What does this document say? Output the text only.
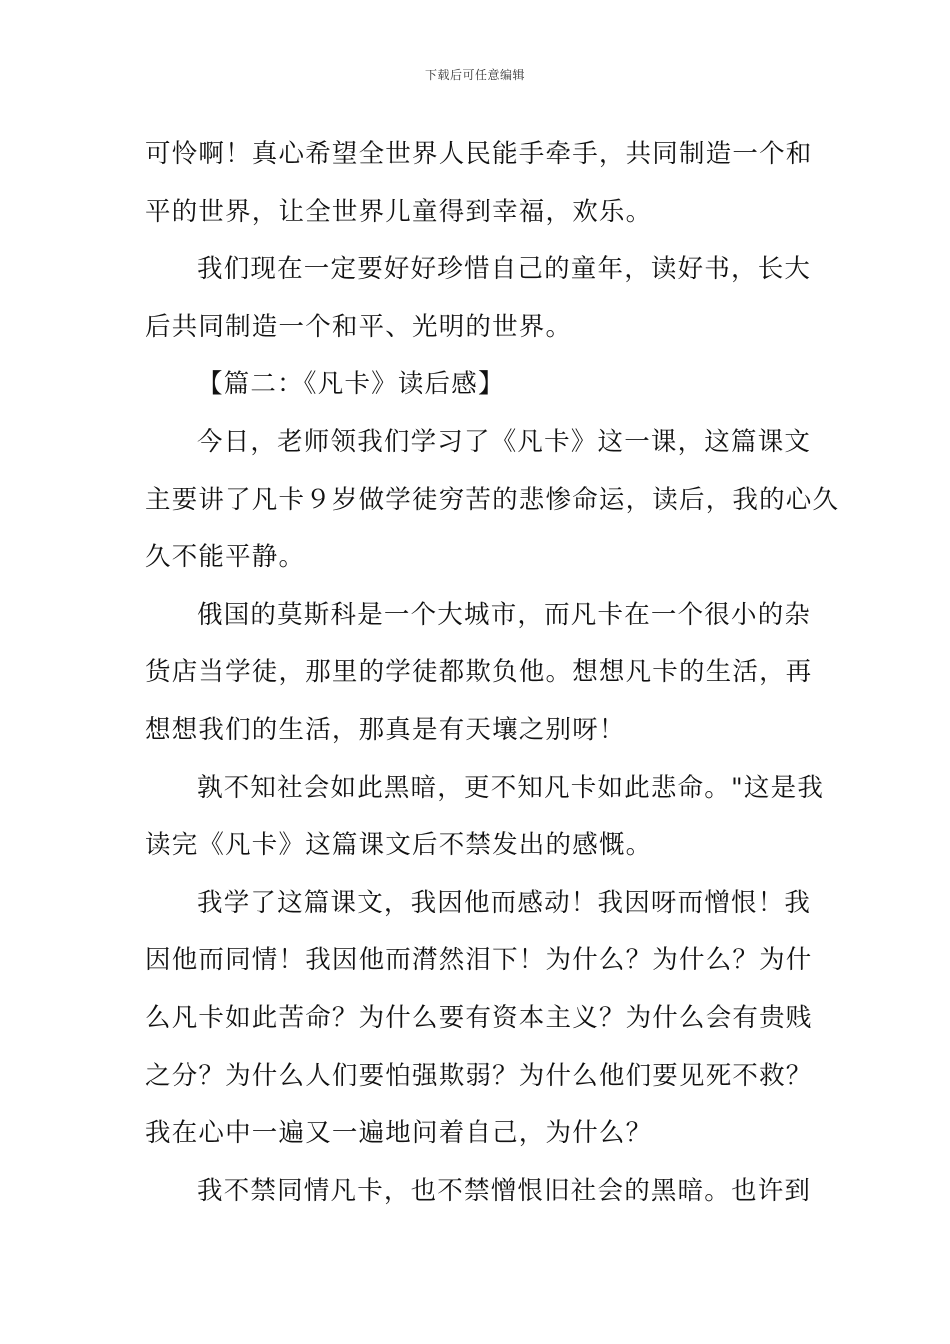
下载后可任意编辑
可怜啊！真心希望全世界人民能手牵手，共同制造一个和
平的世界，让全世界儿童得到幸福，欢乐。
我们现在一定要好好珍惜自己的童年，读好书，长大
后共同制造一个和平、光明的世界。
【篇二：《凡卡》读后感】
今日，老师领我们学习了《凡卡》这一课，这篇课文
主要讲了凡卡９岁做学徒穷苦的悲惨命运，读后，我的心久
久不能平静。
俄国的莫斯科是一个大城市，而凡卡在一个很小的杂
货店当学徒，那里的学徒都欺负他。想想凡卡的生活，再
想想我们的生活，那真是有天壤之别呀！
孰不知社会如此黑暗，更不知凡卡如此悲命。"这是我
读完《凡卡》这篇课文后不禁发出的感慨。
我学了这篇课文，我因他而感动！我因呀而憎恨！我
因他而同情！我因他而潸然泪下！为什么？为什么？为什
么凡卡如此苦命？为什么要有资本主义？为什么会有贵贱
之分？为什么人们要怕强欺弱？为什么他们要见死不救？
我在心中一遍又一遍地问着自己，为什么？
我不禁同情凡卡，也不禁憎恨旧社会的黑暗。也许到
